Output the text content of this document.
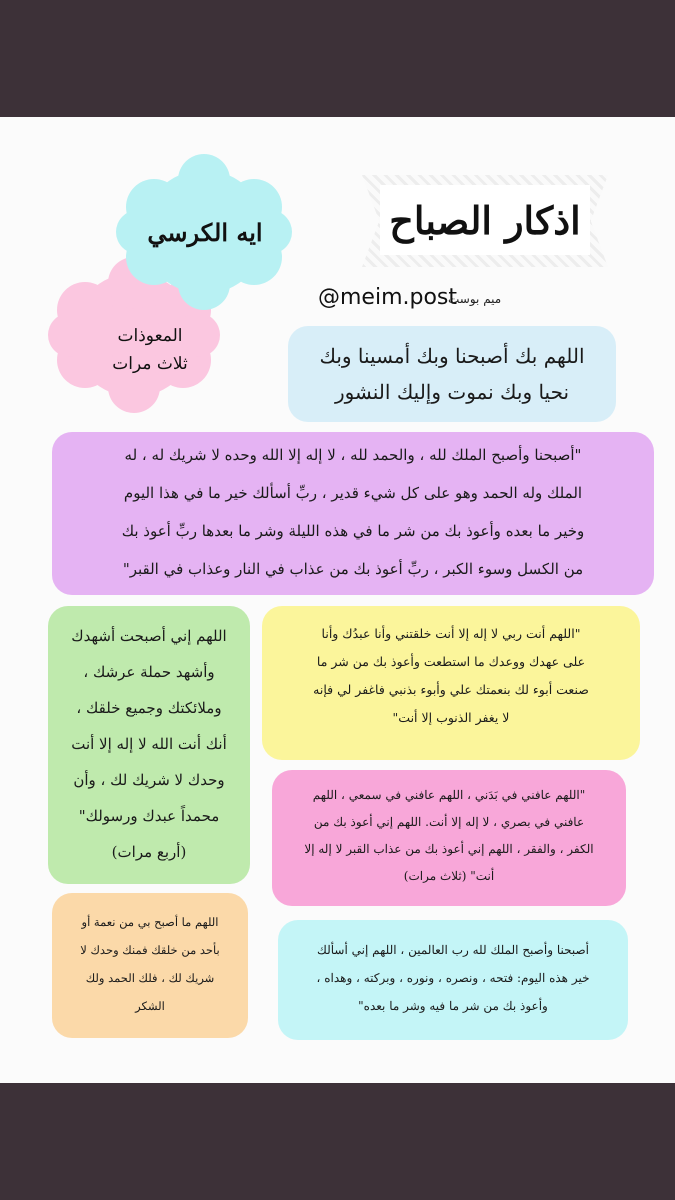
اذكار الصباح
ايه الكرسي
المعوذات
ثلاث مرات
@meim.post
ميم بوست
اللهم بك أصبحنا وبك أمسينا وبك
نحيا وبك نموت وإليك النشور
"أصبحنا وأصبح الملك لله ، والحمد لله ، لا إله إلا الله وحده لا شريك له ، له
الملك وله الحمد وهو على كل شيء قدير ، ربِّ أسألك خير ما في هذا اليوم
وخير ما بعده وأعوذ بك من شر ما في هذه الليلة وشر ما بعدها ربِّ أعوذ بك
من الكسل وسوء الكبر ، ربِّ أعوذ بك من عذاب في النار وعذاب في القبر"
"اللهم أنت ربي لا إله إلا أنت خلقتني وأنا عبدُك وأنا
على عهدك ووعدك ما استطعت وأعوذ بك من شر ما
صنعت أبوء لك بنعمتك علي وأبوء بذنبي فاغفر لي فإنه
لا يغفر الذنوب إلا أنت"
اللهم إني أصبحت أشهدك
وأشهد حملة عرشك ،
وملائكتك وجميع خلقك ،
أنك أنت الله لا إله إلا أنت
وحدك لا شريك لك ، وأن
محمداً عبدك ورسولك"
(أربع مرات)
"اللهم عافني في بَدَني ، اللهم عافني في سمعي ، اللهم
عافني في بصري ، لا إله إلا أنت. اللهم إني أعوذ بك من
الكفر ، والفقر ، اللهم إني أعوذ بك من عذاب القبر لا إله إلا
أنت" (ثلاث مرات)
اللهم ما أصبح بي من نعمة أو
بأحد من خلقك فمنك وحدك لا
شريك لك ، فلك الحمد ولك
الشكر
أصبحنا وأصبح الملك لله رب العالمين ، اللهم إني أسألك
خير هذه اليوم: فتحه ، ونصره ، ونوره ، وبركته ، وهداه ،
وأعوذ بك من شر ما فيه وشر ما بعده"
